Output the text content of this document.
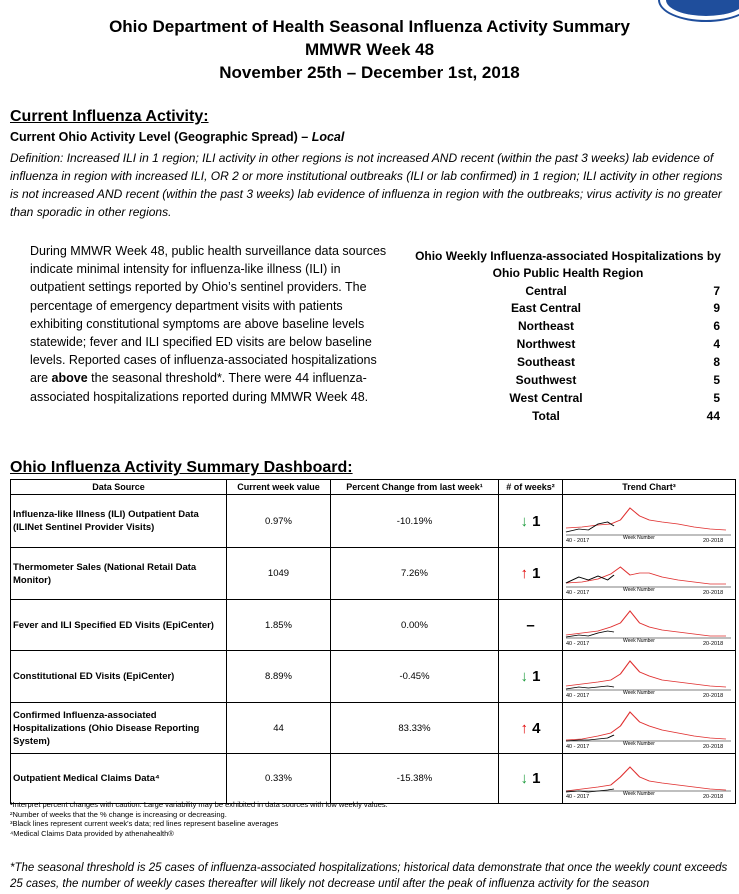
Ohio Department of Health Seasonal Influenza Activity Summary
MMWR Week 48
November 25th – December 1st, 2018
Current Influenza Activity:
Current Ohio Activity Level (Geographic Spread) – Local
Definition: Increased ILI in 1 region; ILI activity in other regions is not increased AND recent (within the past 3 weeks) lab evidence of influenza in region with increased ILI, OR 2 or more institutional outbreaks (ILI or lab confirmed) in 1 region; ILI activity in other regions is not increased AND recent (within the past 3 weeks) lab evidence of influenza in region with the outbreaks; virus activity is no greater than sporadic in other regions.
During MMWR Week 48, public health surveillance data sources indicate minimal intensity for influenza-like illness (ILI) in outpatient settings reported by Ohio’s sentinel providers. The percentage of emergency department visits with patients exhibiting constitutional symptoms are above baseline levels statewide; fever and ILI specified ED visits are below baseline levels. Reported cases of influenza-associated hospitalizations are above the seasonal threshold*. There were 44 influenza-associated hospitalizations reported during MMWR Week 48.
Ohio Weekly Influenza-associated Hospitalizations by Ohio Public Health Region
Central	7
East Central	9
Northeast	6
Northwest	4
Southeast	8
Southwest	5
West Central	5
Total	44
Ohio Influenza Activity Summary Dashboard:
Data Source	Current week value	Percent Change from last week¹	# of weeks²	Trend Chart³
Influenza-like Illness (ILI) Outpatient Data (ILINet Sentinel Provider Visits)	0.97%	-10.19%	↓ 1	40 - 2017 Week Number 20-2018

Thermometer Sales (National Retail Data Monitor)	1049	7.26%	↑ 1	40 - 2017 Week Number 20-2018

Fever and ILI Specified ED Visits (EpiCenter)	1.85%	0.00%	–	40 - 2017 Week Number 20-2018

Constitutional ED Visits (EpiCenter)	8.89%	-0.45%	↓ 1	40 - 2017 Week Number 20-2018

Confirmed Influenza-associated Hospitalizations (Ohio Disease Reporting System)	44	83.33%	↑ 4	40 - 2017 Week Number 20-2018

Outpatient Medical Claims Data⁴	0.33%	-15.38%	↓ 1	40 - 2017 Week Number 20-2018
¹Interpret percent changes with caution. Large variability may be exhibited in data sources with low weekly values.
²Number of weeks that the % change is increasing or decreasing.
³Black lines represent current week's data; red lines represent baseline averages
⁴Medical Claims Data provided by athenahealth®
*The seasonal threshold is 25 cases of influenza-associated hospitalizations; historical data demonstrate that once the weekly count exceeds 25 cases, the number of weekly cases thereafter will likely not decrease until after the peak of influenza activity for the season
